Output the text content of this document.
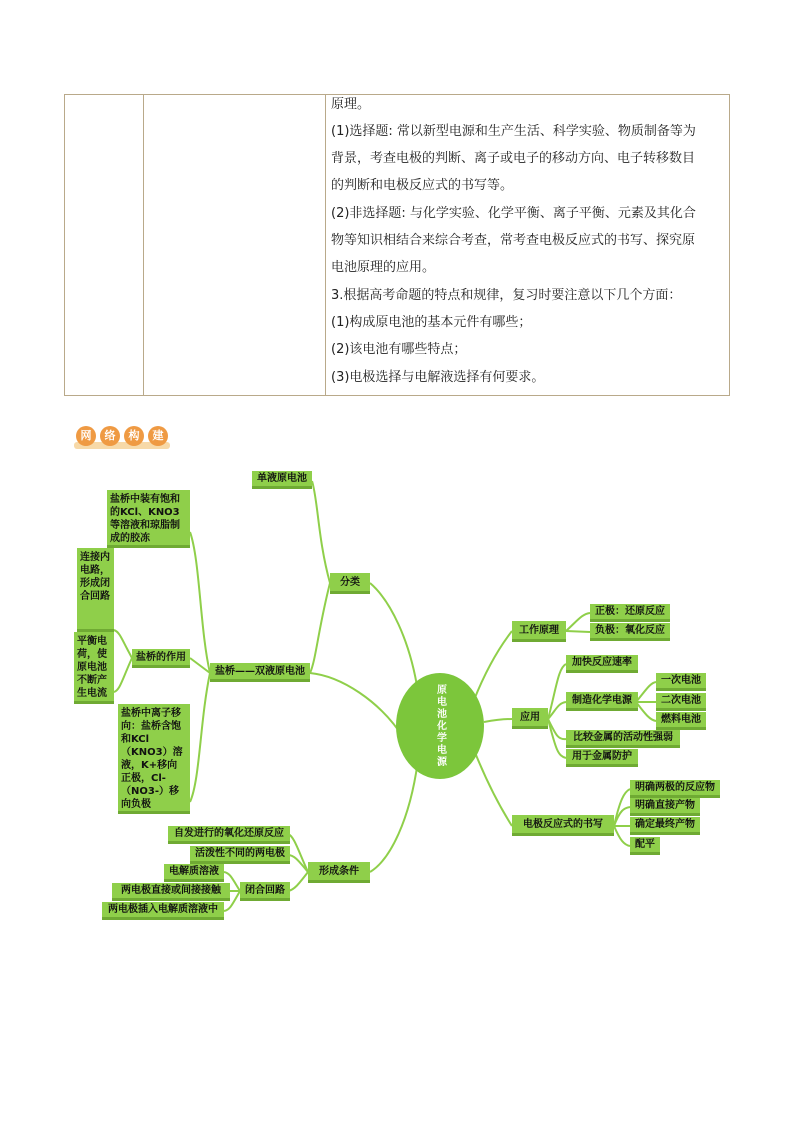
原理。
(1)选择题: 常以新型电源和生产生活、科学实验、物质制备等为
背景，考查电极的判断、离子或电子的移动方向、电子转移数目
的判断和电极反应式的书写等。
(2)非选择题: 与化学实验、化学平衡、离子平衡、元素及其化合
物等知识相结合来综合考查，常考查电极反应式的书写、探究原
电池原理的应用。
3.根据高考命题的特点和规律，复习时要注意以下几个方面：
(1)构成原电池的基本元件有哪些；
(2)该电池有哪些特点；
(3)电极选择与电解液选择有何要求。
网	络	构	建
原电池化学电源
分类
单液原电池
盐桥——双液原电池
盐桥的作用
盐桥中装有饱和的KCl、KNO3等溶液和琼脂制成的胶冻
连接内电路，形成闭合回路
平衡电荷，使原电池不断产生电流
盐桥中离子移向：盐桥含饱和KCl（KNO3）溶液，K+移向正极，Cl-（NO3-）移向负极
形成条件
自发进行的氧化还原反应
活泼性不同的两电极
闭合回路
电解质溶液
两电极直接或间接接触
两电极插入电解质溶液中
工作原理
正极：还原反应
负极：氧化反应
应用
加快反应速率
制造化学电源
一次电池
二次电池
燃料电池
比较金属的活动性强弱
用于金属防护
电极反应式的书写
明确两极的反应物
明确直接产物
确定最终产物
配平
